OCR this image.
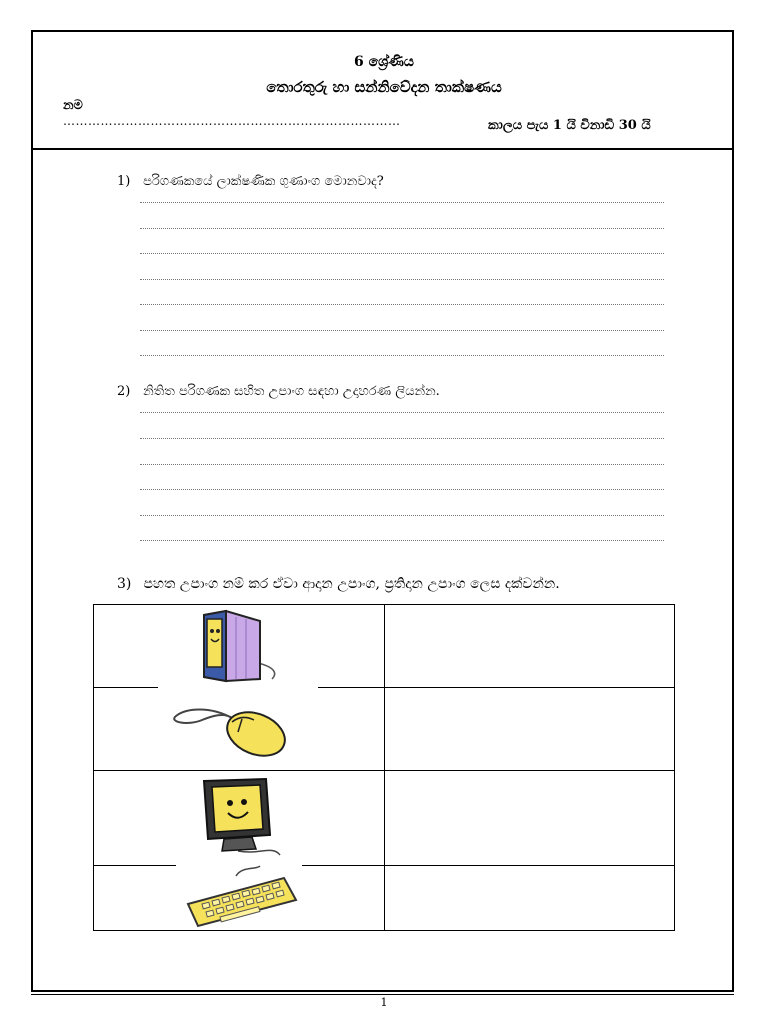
6 ශ්‍රේණිය
තොරතුරු හා සන්නිවේදන තාක්ෂණය
නම
………………………………………………………………………	කාලය පැය 1 යි විනාඩි 30 යි
1) පරිගණකයේ ලාක්ෂණික ගුණාංග මොනවාද?
2) නිතිත පරිගණක සහිත උපාංග සඳහා උදාහරණ ලියන්න.
3) පහත උපාංග නම් කර ඒවා ආදාන උපාංග, ප්‍රතිදාන උපාංග ලෙස දක්වන්න.

1
